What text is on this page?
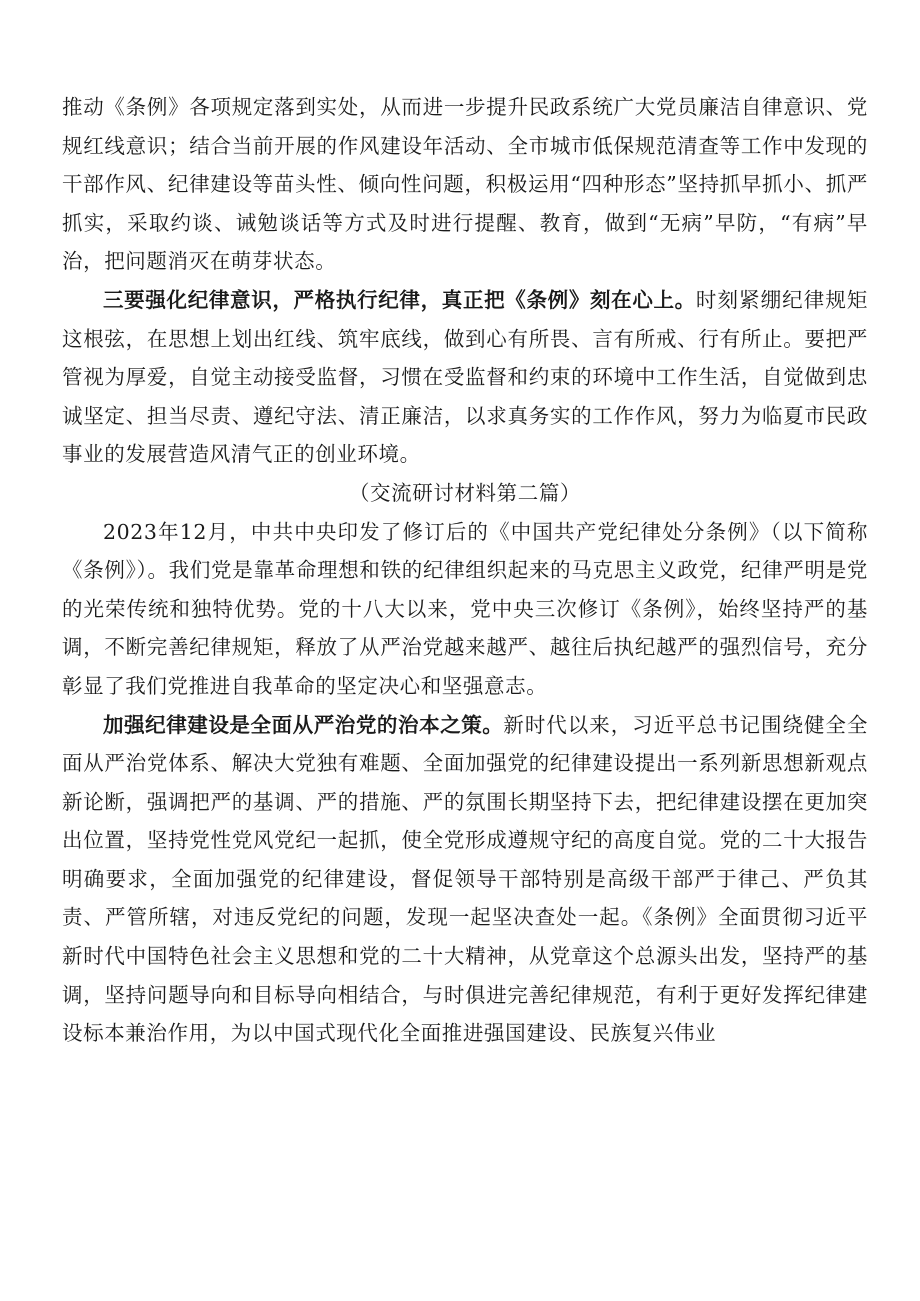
推动《条例》各项规定落到实处，从而进一步提升民政系统广大党员廉洁自律意识、党规红线意识；结合当前开展的作风建设年活动、全市城市低保规范清查等工作中发现的干部作风、纪律建设等苗头性、倾向性问题，积极运用“四种形态”坚持抓早抓小、抓严抓实，采取约谈、诫勉谈话等方式及时进行提醒、教育，做到“无病”早防，“有病”早治，把问题消灭在萌芽状态。

三要强化纪律意识，严格执行纪律，真正把《条例》刻在心上。时刻紧绷纪律规矩这根弦，在思想上划出红线、筑牢底线，做到心有所畏、言有所戒、行有所止。要把严管视为厚爱，自觉主动接受监督，习惯在受监督和约束的环境中工作生活，自觉做到忠诚坚定、担当尽责、遵纪守法、清正廉洁，以求真务实的工作作风，努力为临夏市民政事业的发展营造风清气正的创业环境。

（交流研讨材料第二篇）

2023年12月，中共中央印发了修订后的《中国共产党纪律处分条例》（以下简称《条例》）。我们党是靠革命理想和铁的纪律组织起来的马克思主义政党，纪律严明是党的光荣传统和独特优势。党的十八大以来，党中央三次修订《条例》，始终坚持严的基调，不断完善纪律规矩，释放了从严治党越来越严、越往后执纪越严的强烈信号，充分彰显了我们党推进自我革命的坚定决心和坚强意志。

加强纪律建设是全面从严治党的治本之策。新时代以来，习近平总书记围绕健全全面从严治党体系、解决大党独有难题、全面加强党的纪律建设提出一系列新思想新观点新论断，强调把严的基调、严的措施、严的氛围长期坚持下去，把纪律建设摆在更加突出位置，坚持党性党风党纪一起抓，使全党形成遵规守纪的高度自觉。党的二十大报告明确要求，全面加强党的纪律建设，督促领导干部特别是高级干部严于律己、严负其责、严管所辖，对违反党纪的问题，发现一起坚决查处一起。《条例》全面贯彻习近平新时代中国特色社会主义思想和党的二十大精神，从党章这个总源头出发，坚持严的基调，坚持问题导向和目标导向相结合，与时俱进完善纪律规范，有利于更好发挥纪律建设标本兼治作用，为以中国式现代化全面推进强国建设、民族复兴伟业
